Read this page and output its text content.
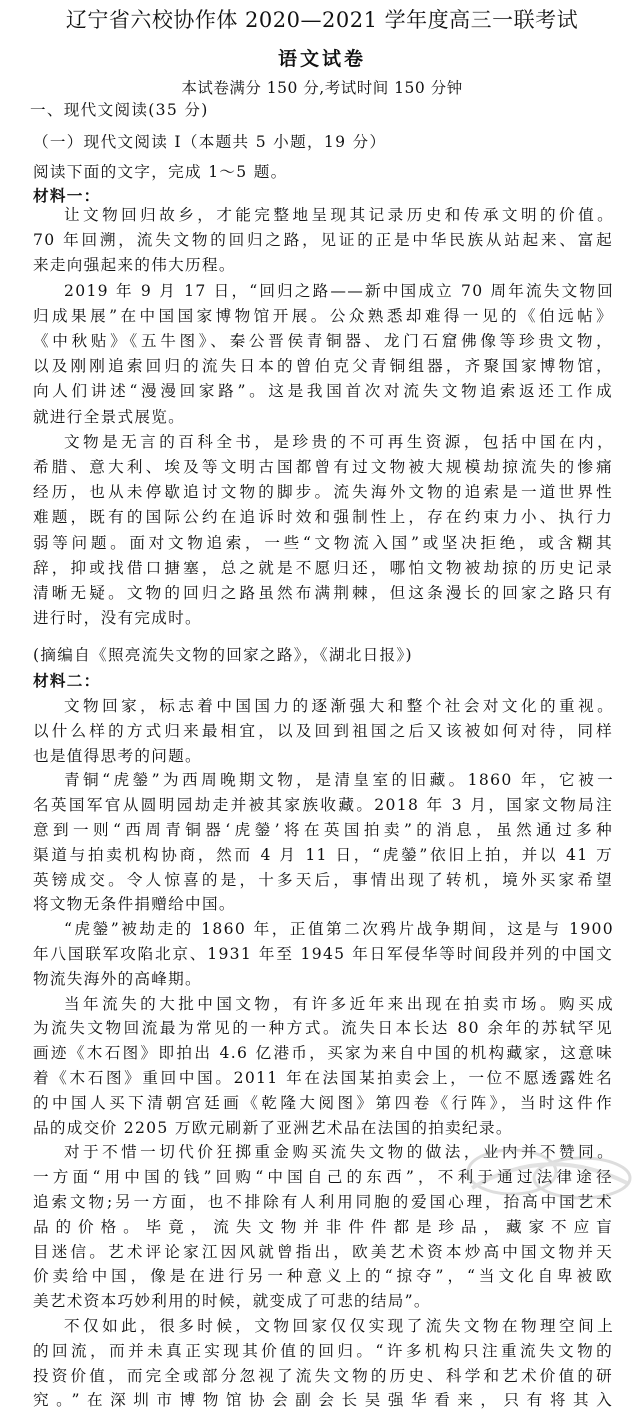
辽宁省六校协作体 2020—2021 学年度高三一联考试
语文试卷
本试卷满分 150 分,考试时间 150 分钟
一、现代文阅读(35 分)
（一）现代文阅读 Ⅰ（本题共 5 小题，19 分）
阅读下面的文字，完成 1～5 题。
材料一：
让文物回归故乡，才能完整地呈现其记录历史和传承文明的价值。
70 年回溯，流失文物的回归之路，见证的正是中华民族从站起来、富起
来走向强起来的伟大历程。
2019 年 9 月 17 日，“回归之路——新中国成立 70 周年流失文物回
归成果展”在中国国家博物馆开展。公众熟悉却难得一见的《伯远帖》
《中秋贴》《五牛图》、秦公晋侯青铜器、龙门石窟佛像等珍贵文物，
以及刚刚追索回归的流失日本的曾伯克父青铜组器，齐聚国家博物馆，
向人们讲述“漫漫回家路”。这是我国首次对流失文物追索返还工作成
就进行全景式展览。
文物是无言的百科全书，是珍贵的不可再生资源，包括中国在内，
希腊、意大利、埃及等文明古国都曾有过文物被大规模劫掠流失的惨痛
经历，也从未停歇追讨文物的脚步。流失海外文物的追索是一道世界性
难题，既有的国际公约在追诉时效和强制性上，存在约束力小、执行力
弱等问题。面对文物追索，一些“文物流入国”或坚决拒绝，或含糊其
辞，抑或找借口搪塞，总之就是不愿归还，哪怕文物被劫掠的历史记录
清晰无疑。文物的回归之路虽然布满荆棘，但这条漫长的回家之路只有
进行时，没有完成时。
(摘编自《照亮流失文物的回家之路》，《湖北日报》)
材料二：
文物回家，标志着中国国力的逐渐强大和整个社会对文化的重视。
以什么样的方式归来最相宜，以及回到祖国之后又该被如何对待，同样
也是值得思考的问题。
青铜“虎鎣”为西周晚期文物，是清皇室的旧藏。1860 年，它被一
名英国军官从圆明园劫走并被其家族收藏。2018 年 3 月，国家文物局注
意到一则“西周青铜器‘虎鎣’将在英国拍卖”的消息，虽然通过多种
渠道与拍卖机构协商，然而 4 月 11 日，“虎鎣”依旧上拍，并以 41 万
英镑成交。令人惊喜的是，十多天后，事情出现了转机，境外买家希望
将文物无条件捐赠给中国。
“虎鎣”被劫走的 1860 年，正值第二次鸦片战争期间，这是与 1900
年八国联军攻陷北京、1931 年至 1945 年日军侵华等时间段并列的中国文
物流失海外的高峰期。
当年流失的大批中国文物，有许多近年来出现在拍卖市场。购买成
为流失文物回流最为常见的一种方式。流失日本长达 80 余年的苏轼罕见
画迹《木石图》即拍出 4.6 亿港币，买家为来自中国的机构藏家，这意味
着《木石图》重回中国。2011 年在法国某拍卖会上，一位不愿透露姓名
的中国人买下清朝宫廷画《乾隆大阅图》第四卷《行阵》，当时这件作
品的成交价 2205 万欧元刷新了亚洲艺术品在法国的拍卖纪录。
对于不惜一切代价狂掷重金购买流失文物的做法，业内并不赞同。
一方面“用中国的钱”回购“中国自己的东西”，不利于通过法律途径
追索文物;另一方面，也不排除有人利用同胞的爱国心理，抬高中国艺术
品的价格。毕竟，流失文物并非件件都是珍品，藏家不应盲
目迷信。艺术评论家江因风就曾指出，欧美艺术资本炒高中国文物并天
价卖给中国，像是在进行另一种意义上的“掠夺”，“当文化自卑被欧
美艺术资本巧妙利用的时候，就变成了可悲的结局”。
不仅如此，很多时候，文物回家仅仅实现了流失文物在物理空间上
的回流，而并未真正实现其价值的回归。“许多机构只注重流失文物的
投资价值，而完全或部分忽视了流失文物的历史、科学和艺术价值的研
究。”在深圳市博物馆协会副会长吴强华看来，只有将其入
